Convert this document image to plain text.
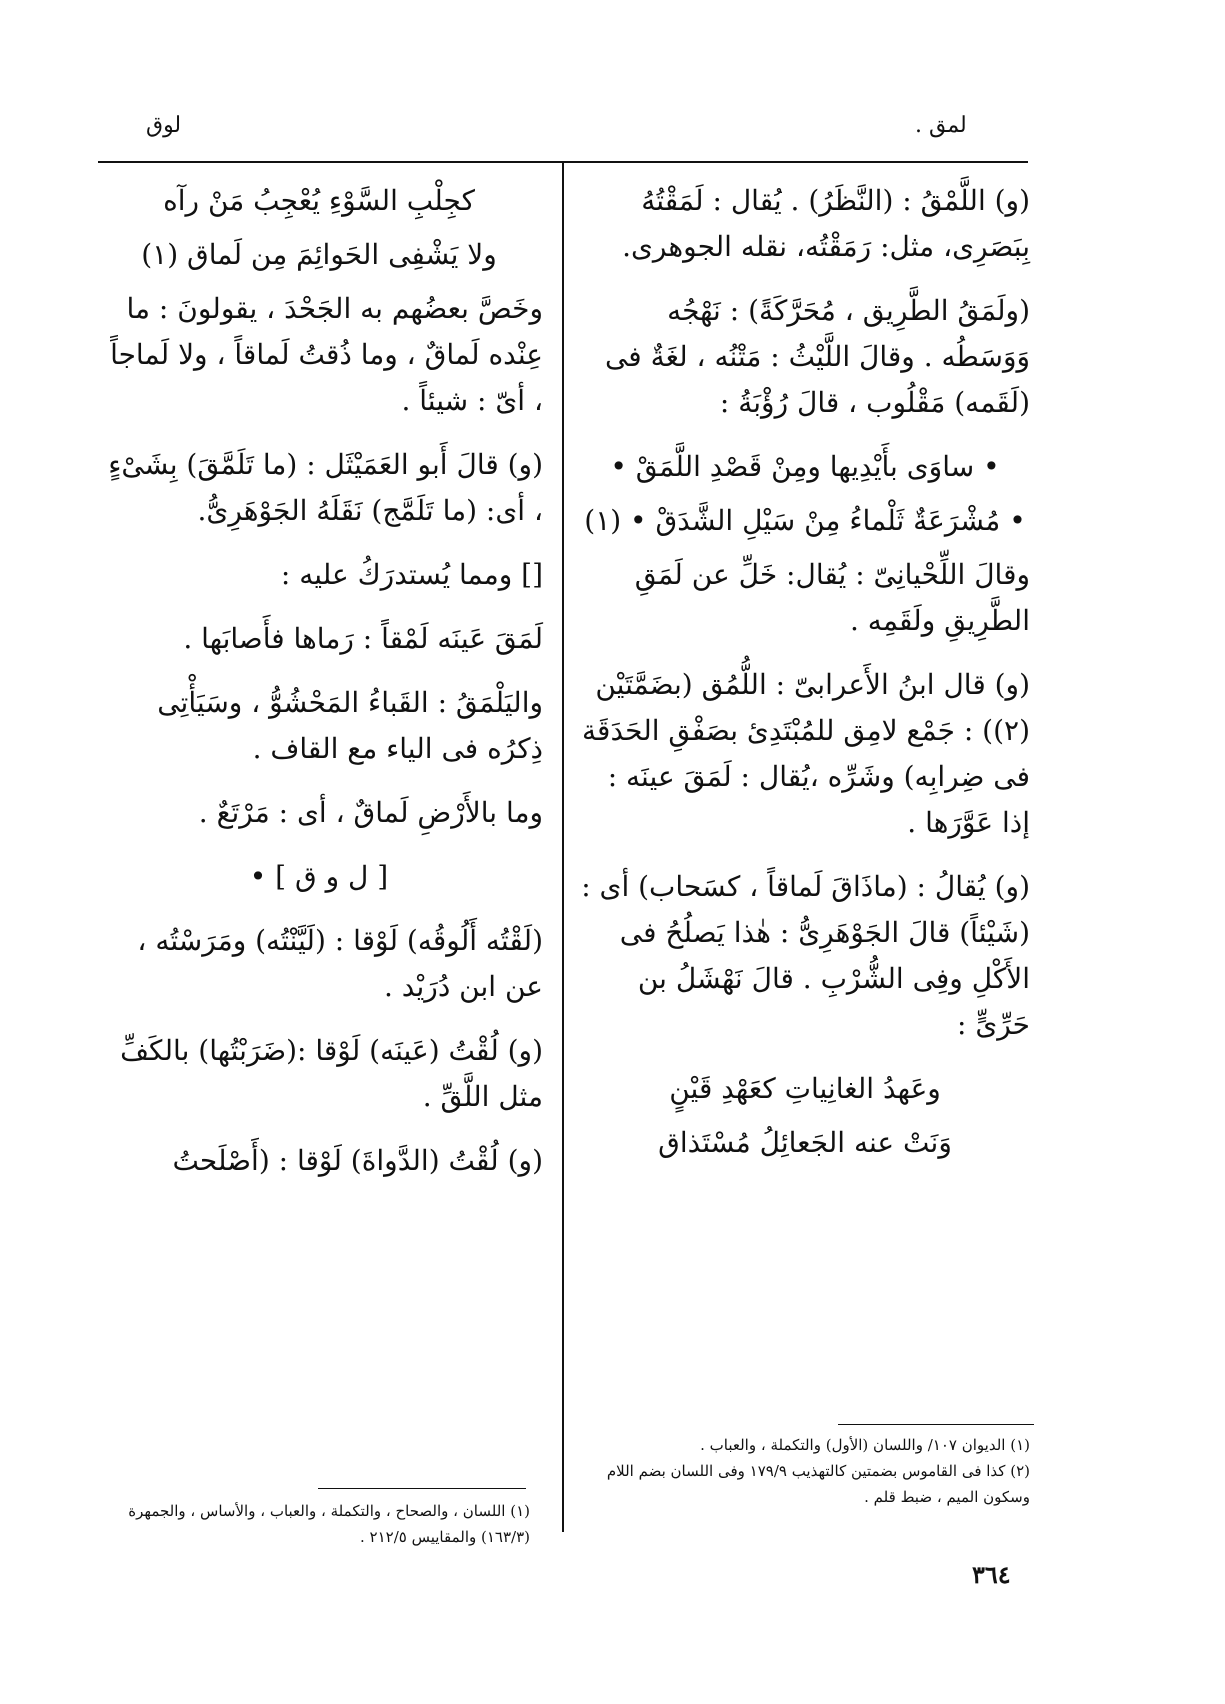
لوق	لمق .

(و) اللَّمْقُ : (النَّظَرُ) . يُقال : لَمَقْتُهُ بِبَصَرِى، مثل: رَمَقْتُه، نقله الجوهرى.

(ولَمَقُ الطَّرِيق ، مُحَرَّكَةً) : نَهْجُه وَوَسَطُه . وقالَ اللَّيْثُ : مَتْنُه ، لغَةٌ فى (لَقَمه) مَقْلُوب ، قالَ رُؤْبَةُ :

• ساوَى بأَيْدِيها ومِنْ قَصْدِ اللَّمَقْ •

• مُشْرَعَةٌ ثَلْماءُ مِنْ سَيْلِ الشَّدَقْ • (١)

وقالَ اللِّحْيانِىّ : يُقال: خَلِّ عن لَمَقِ الطَّرِيقِ ولَقَمِه .

(و) قال ابنُ الأَعرابىّ : اللُّمُق (بضَمَّتَيْن (٢)) : جَمْع لامِق للمُبْتَدِئ بصَفْقِ الحَدَقَة فى ضِرابِه) وشَرِّه ،يُقال : لَمَقَ عينَه : إذا عَوَّرَها .

(و) يُقالُ : (ماذَاقَ لَماقاً ، كسَحاب) أى : (شَيْئاً) قالَ الجَوْهَرِىُّ : هٰذا يَصلُحُ فى الأَكْلِ وفِى الشُّرْبِ . قالَ نَهْشَلُ بن حَرِّىٍّ :

وعَهدُ الغانِياتِ كعَهْدِ قَيْنٍ

وَنَتْ عنه الجَعائِلُ مُسْتَذاق

كجِلْبِ السَّوْءِ يُعْجِبُ مَنْ رآه

ولا يَشْفِى الحَوائِمَ مِن لَماق (١)

وخَصَّ بعضُهم به الجَحْدَ ، يقولونَ : ما عِنْده لَماقٌ ، وما ذُقتُ لَماقاً ، ولا لَماجاً ، أىّ : شيئاً .

(و) قالَ أَبو العَمَيْثَل : (ما تَلَمَّقَ) بِشَىْءٍ ، أى: (ما تَلَمَّج) نَقَلَهُ الجَوْهَرِىُّ.

[] ومما يُستدرَكُ عليه :

لَمَقَ عَينَه لَمْقاً : رَماها فأَصابَها .

واليَلْمَقُ : القَباءُ المَحْشُوُّ ، وسَيَأْتِى ذِكرُه فى الياء مع القاف .

وما بالأَرْضِ لَماقٌ ، أى : مَرْتَعٌ .

[ ل و ق ] •

(لَقْتُه أَلُوقُه) لَوْقا : (لَيَّنْتُه) ومَرَسْتُه ، عن ابن دُرَيْد .

(و) لُقْتُ (عَينَه) لَوْقا :(ضَرَبْتُها) بالكَفِّ مثل اللَّقِّ .

(و) لُقْتُ (الدَّواةَ) لَوْقا : (أَصْلَحتُ

(١) الديوان ١٠٧/ واللسان (الأول) والتكملة ، والعباب .

(٢) كذا فى القاموس بضمتين كالتهذيب ١٧٩/٩ وفى اللسان بضم اللام وسكون الميم ، ضبط قلم .

(١) اللسان ، والصحاح ، والتكملة ، والعباب ، والأساس ، والجمهرة (١٦٣/٣) والمقاييس ٢١٢/٥ .

٣٦٤
